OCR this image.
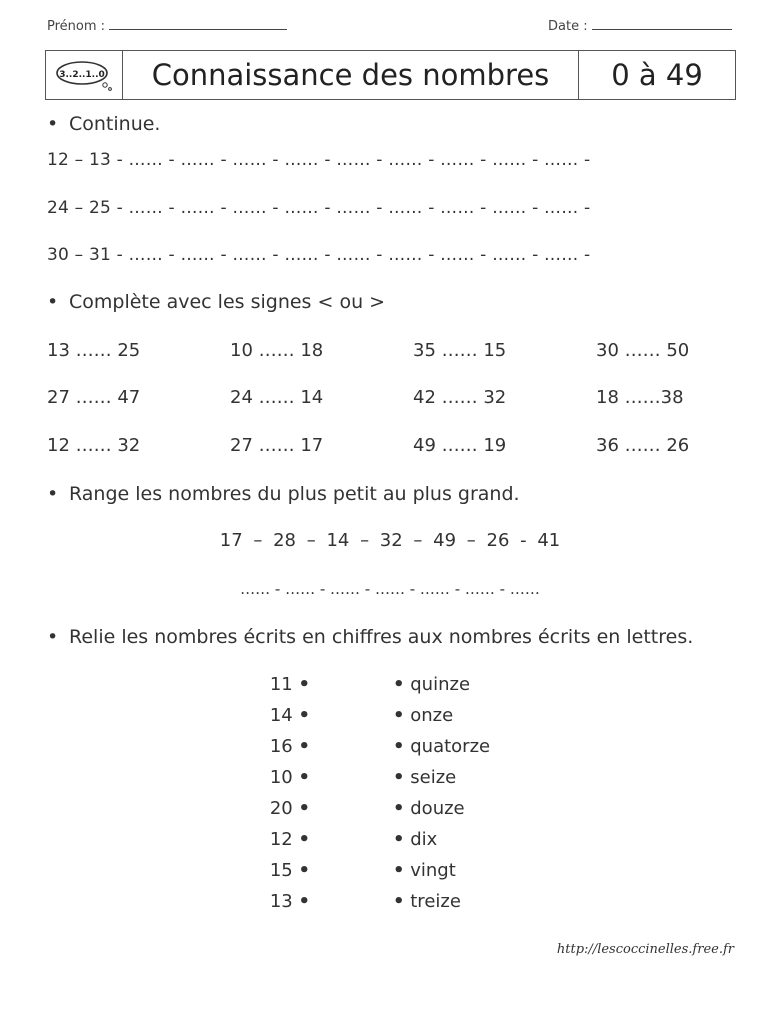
Prénom :	Date :
3..2..1..0	Connaissance des nombres	0 à 49
• Continue.
12 – 13 - …… - …… - …… - …… - …… - …… - …… - …… - …… -
24 – 25 - …… - …… - …… - …… - …… - …… - …… - …… - …… -
30 – 31 - …… - …… - …… - …… - …… - …… - …… - …… - …… -
• Complète avec les signes < ou >
13 …… 25	10 …… 18	35 …… 15	30 …… 50
27 …… 47	24 …… 14	42 …… 32	18 ……38
12 …… 32	27 …… 17	49 …… 19	36 …… 26
• Range les nombres du plus petit au plus grand.
17 – 28 – 14 – 32 – 49 – 26 - 41
…… - …… - …… - …… - …… - …… - ……
• Relie les nombres écrits en chiffres aux nombres écrits en lettres.
11 •
14 •
16 •
10 •
20 •
12 •
15 •
13 •
• quinze
• onze
• quatorze
• seize
• douze
• dix
• vingt
• treize
http://lescoccinelles.free.fr
